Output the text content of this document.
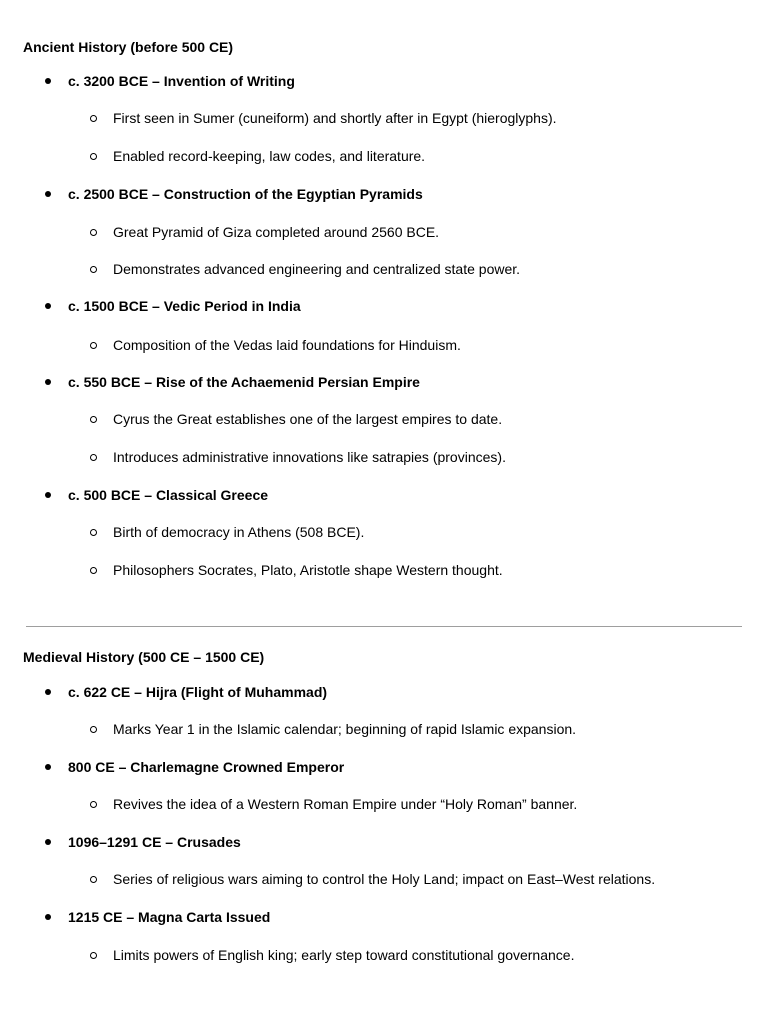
Ancient History (before 500 CE)
c. 3200 BCE – Invention of Writing
First seen in Sumer (cuneiform) and shortly after in Egypt (hieroglyphs).
Enabled record-keeping, law codes, and literature.
c. 2500 BCE – Construction of the Egyptian Pyramids
Great Pyramid of Giza completed around 2560 BCE.
Demonstrates advanced engineering and centralized state power.
c. 1500 BCE – Vedic Period in India
Composition of the Vedas laid foundations for Hinduism.
c. 550 BCE – Rise of the Achaemenid Persian Empire
Cyrus the Great establishes one of the largest empires to date.
Introduces administrative innovations like satrapies (provinces).
c. 500 BCE – Classical Greece
Birth of democracy in Athens (508 BCE).
Philosophers Socrates, Plato, Aristotle shape Western thought.
Medieval History (500 CE – 1500 CE)
c. 622 CE – Hijra (Flight of Muhammad)
Marks Year 1 in the Islamic calendar; beginning of rapid Islamic expansion.
800 CE – Charlemagne Crowned Emperor
Revives the idea of a Western Roman Empire under “Holy Roman” banner.
1096–1291 CE – Crusades
Series of religious wars aiming to control the Holy Land; impact on East–West relations.
1215 CE – Magna Carta Issued
Limits powers of English king; early step toward constitutional governance.
